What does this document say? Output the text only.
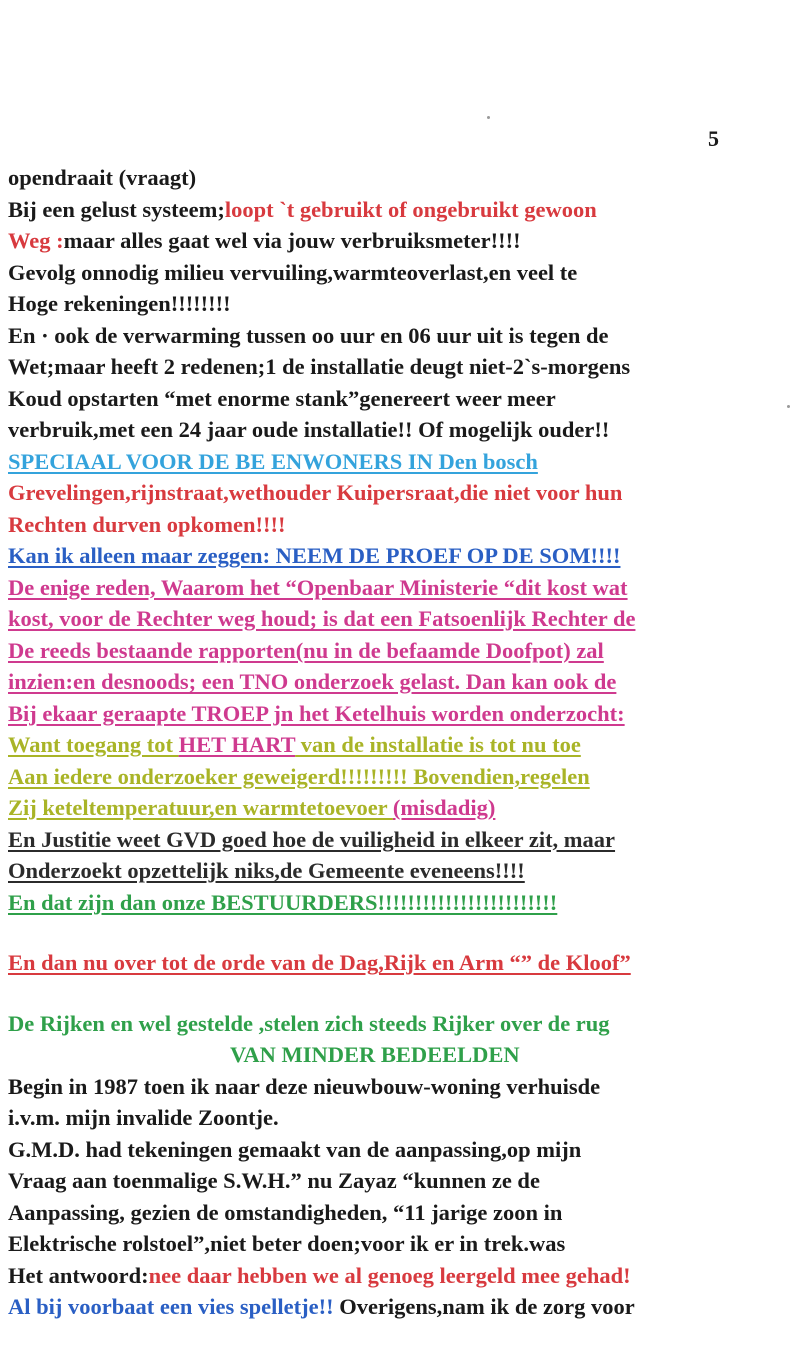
5
opendraait (vraagt)
Bij een gelust systeem;loopt `t gebruikt of ongebruikt gewoon
Weg :maar alles gaat wel via jouw verbruiksmeter!!!!
Gevolg onnodig milieu vervuiling,warmteoverlast,en veel te
Hoge rekeningen!!!!!!!!
En · ook de verwarming tussen oo uur en 06 uur uit is tegen de
Wet;maar heeft 2 redenen;1 de installatie deugt niet-2`s-morgens
Koud opstarten “met enorme stank”genereert weer meer
verbruik,met een 24 jaar oude installatie!! Of mogelijk ouder!!
SPECIAAL VOOR DE BE ENWONERS IN Den bosch
Grevelingen,rijnstraat,wethouder Kuipersraat,die niet voor hun
Rechten durven opkomen!!!!
Kan ik alleen maar zeggen: NEEM DE PROEF OP DE SOM!!!!
De enige reden, Waarom het “Openbaar Ministerie “dit kost wat
kost, voor de Rechter weg houd; is dat een Fatsoenlijk Rechter de
De reeds bestaande rapporten(nu in de befaamde Doofpot) zal
inzien:en desnoods; een TNO onderzoek gelast. Dan kan ook de
Bij ekaar geraapte TROEP jn het Ketelhuis worden onderzocht:
Want toegang tot HET HART van de installatie is tot nu toe
Aan iedere onderzoeker geweigerd!!!!!!!!! Bovendien,regelen
Zij keteltemperatuur,en warmtetoevoer (misdadig)
En Justitie weet GVD goed hoe de vuiligheid in elkeer zit, maar
Onderzoekt opzettelijk niks,de Gemeente eveneens!!!!
En dat zijn dan onze BESTUURDERS!!!!!!!!!!!!!!!!!!!!!!!!
En dan nu over tot de orde van de Dag,Rijk en Arm “” de Kloof”
De Rijken en wel gestelde ,stelen zich steeds Rijker over de rug
VAN MINDER BEDEELDEN
Begin in 1987 toen ik naar deze nieuwbouw-woning verhuisde
i.v.m. mijn invalide Zoontje.
G.M.D. had tekeningen gemaakt van de aanpassing,op mijn
Vraag aan toenmalige S.W.H.” nu Zayaz “kunnen ze de
Aanpassing, gezien de omstandigheden, “11 jarige zoon in
Elektrische rolstoel”,niet beter doen;voor ik er in trek.was
Het antwoord:nee daar hebben we al genoeg leergeld mee gehad!
Al bij voorbaat een vies spelletje!! Overigens,nam ik de zorg voor
